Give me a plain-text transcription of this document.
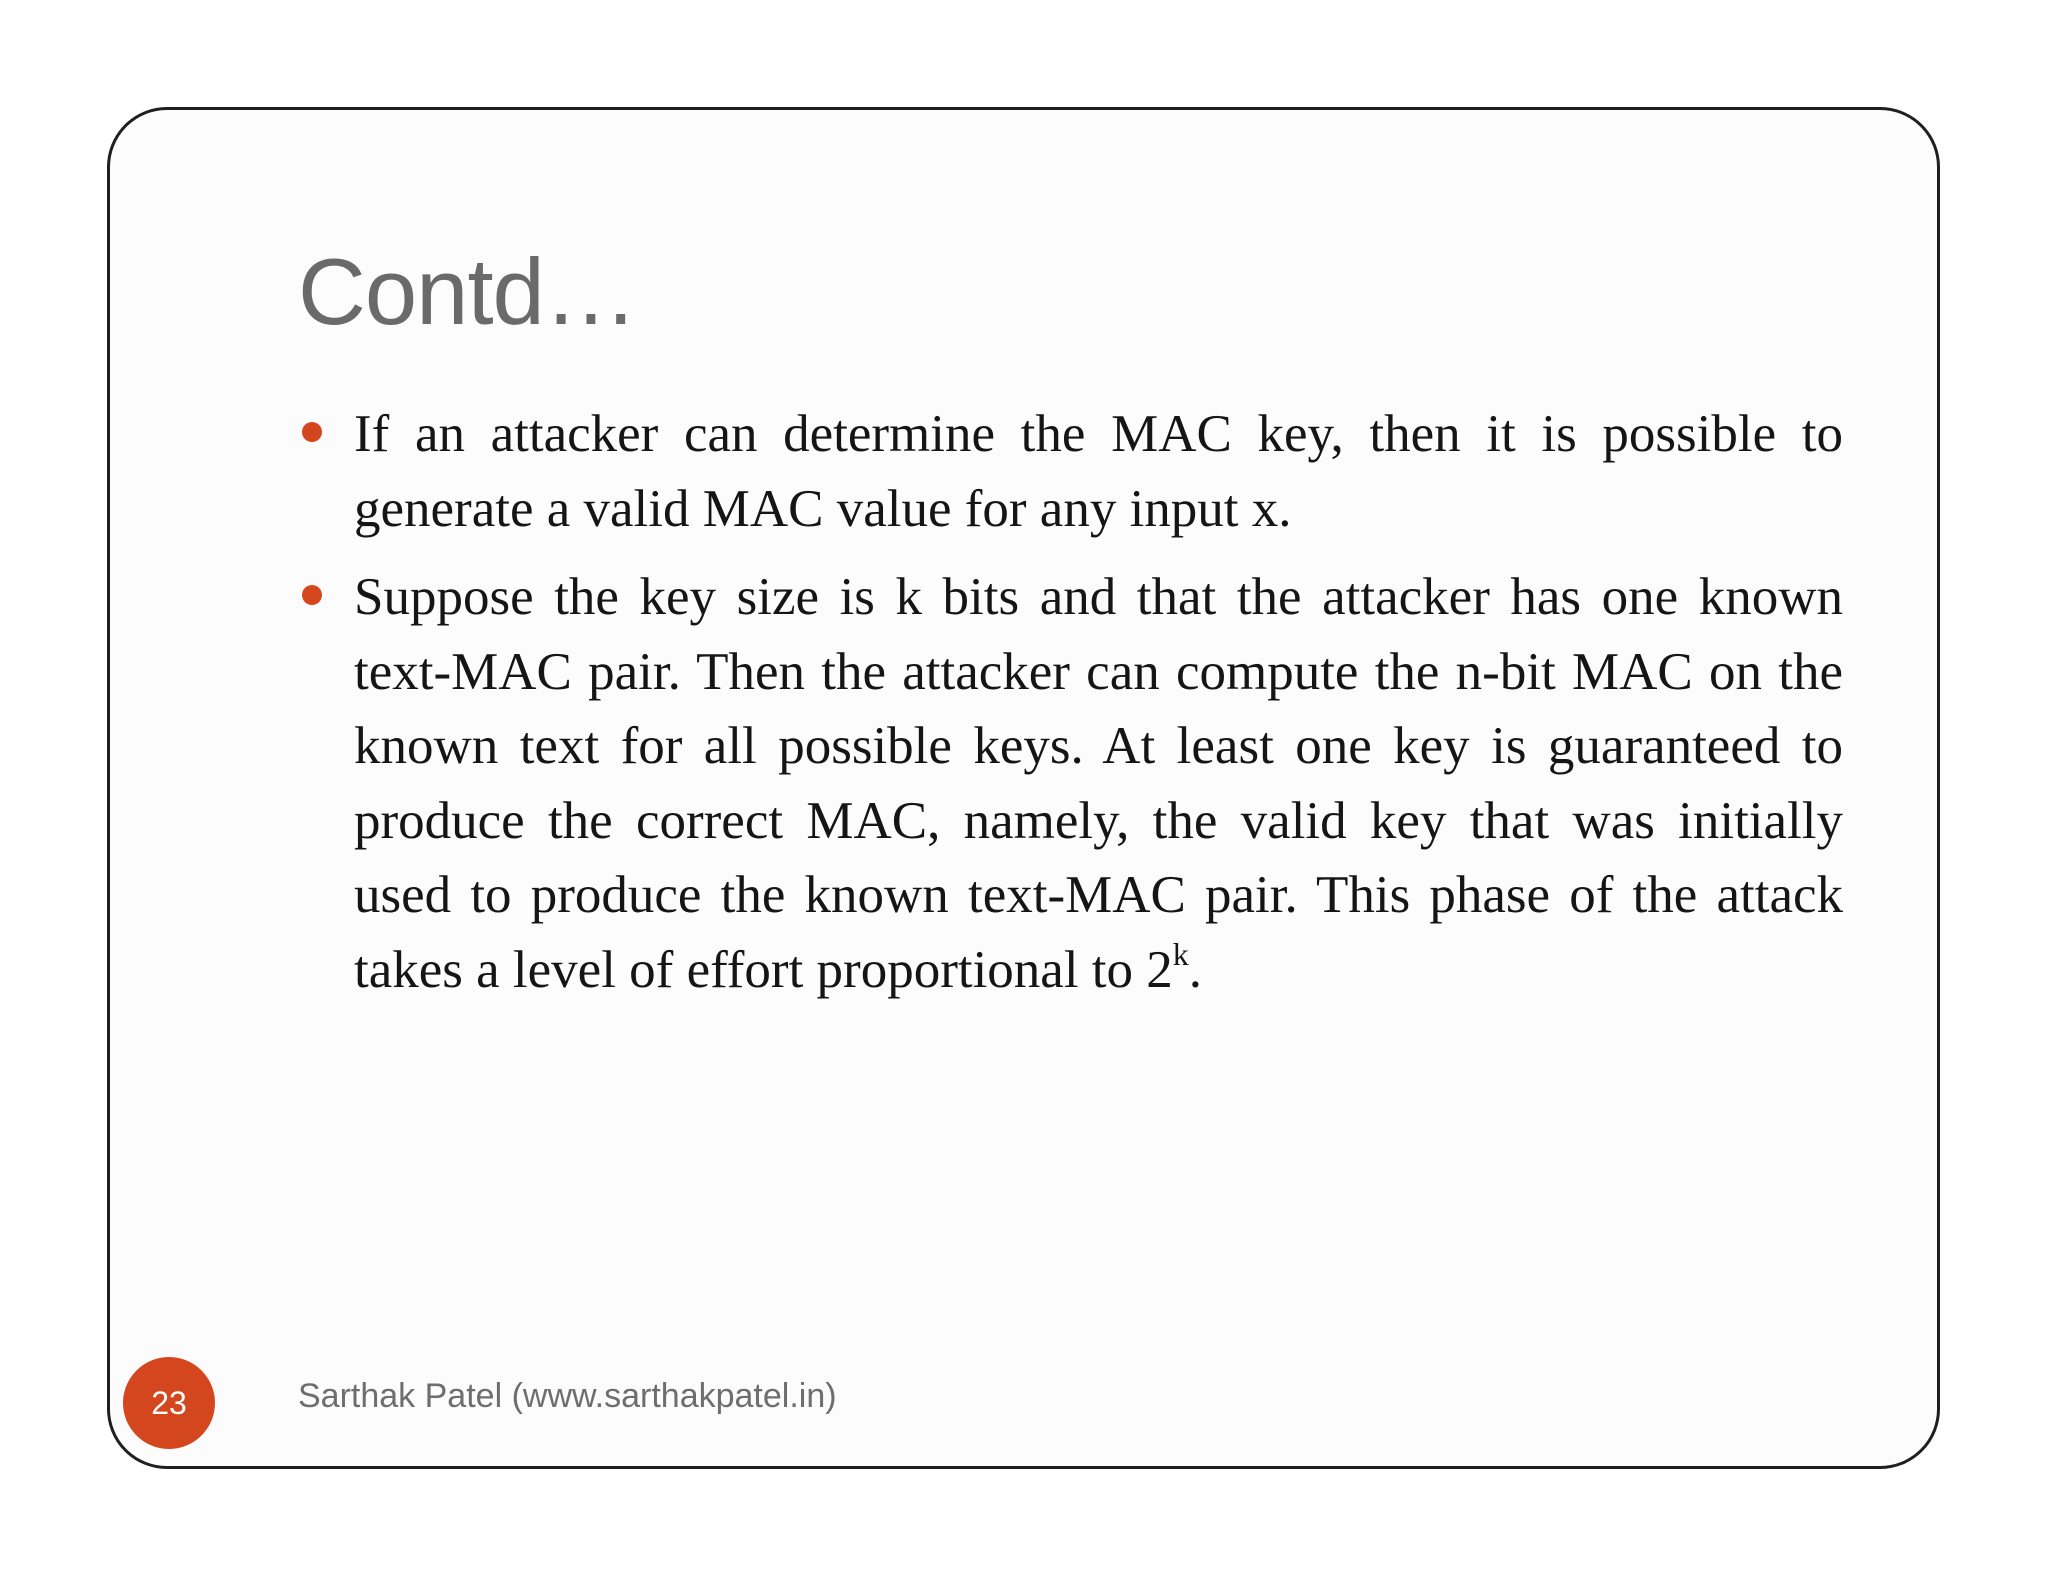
Contd…
If an attacker can determine the MAC key, then it is possible to generate a valid MAC value for any input x.
Suppose the key size is k bits and that the attacker has one known text-MAC pair. Then the attacker can compute the n-bit MAC on the known text for all possible keys. At least one key is guaranteed to produce the correct MAC, namely, the valid key that was initially used to produce the known text-MAC pair. This phase of the attack takes a level of effort proportional to 2$^k$.
23	Sarthak Patel (www.sarthakpatel.in)
